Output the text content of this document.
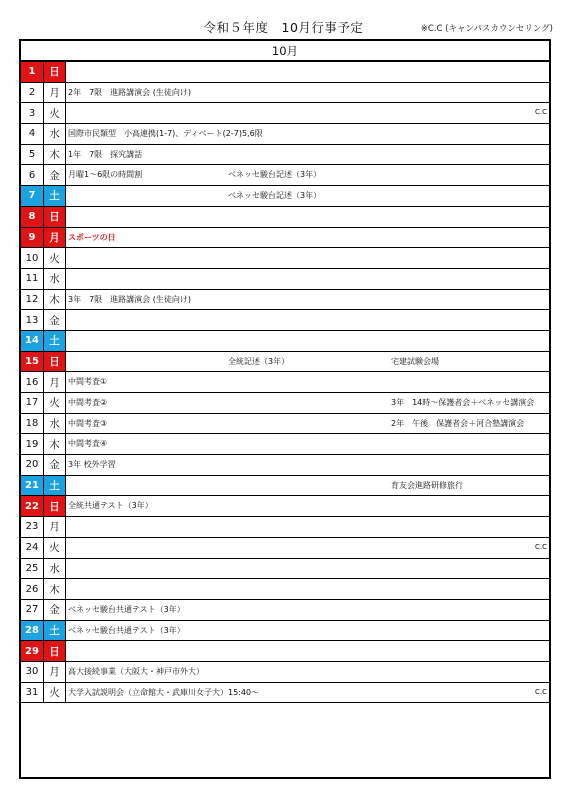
令和５年度　10月行事予定	※C.C (キャンパスカウンセリング)
10月
1	日
2	月	2年　7限　進路講演会 (生徒向け)
3	火	C.C
4	水	国際市民類型　小高連携(1-7)、ディベート(2-7)5,6限
5	木	1年　7限　探究講話
6	金	月曜1～6限の時間割	ベネッセ駿台記述（3年）
7	土	ベネッセ駿台記述（3年）
8	日
9	月	スポーツの日
10	火
11	水
12	木	3年　7限　進路講演会 (生徒向け)
13	金
14 土
15 日	全統記述（3年）	宅建試験会場
16	月	中間考査①
17	火	中間考査②	3年　14時～保護者会＋ベネッセ講演会
18	水	中間考査③	2年　午後　保護者会＋河合塾講演会
19	木	中間考査④
20	金	3年 校外学習
21 土	育友会進路研修旅行
22 日	全統共通テスト（3年）
23	月
24	火	C.C
25	水
26	木
27	金	ベネッセ駿台共通テスト（3年）
28 土	ベネッセ駿台共通テスト（3年）
29 日
30	月	高大接続事業（大阪大・神戸市外大）
31	火	大学入試説明会（立命館大・武庫川女子大）15:40～	C.C
